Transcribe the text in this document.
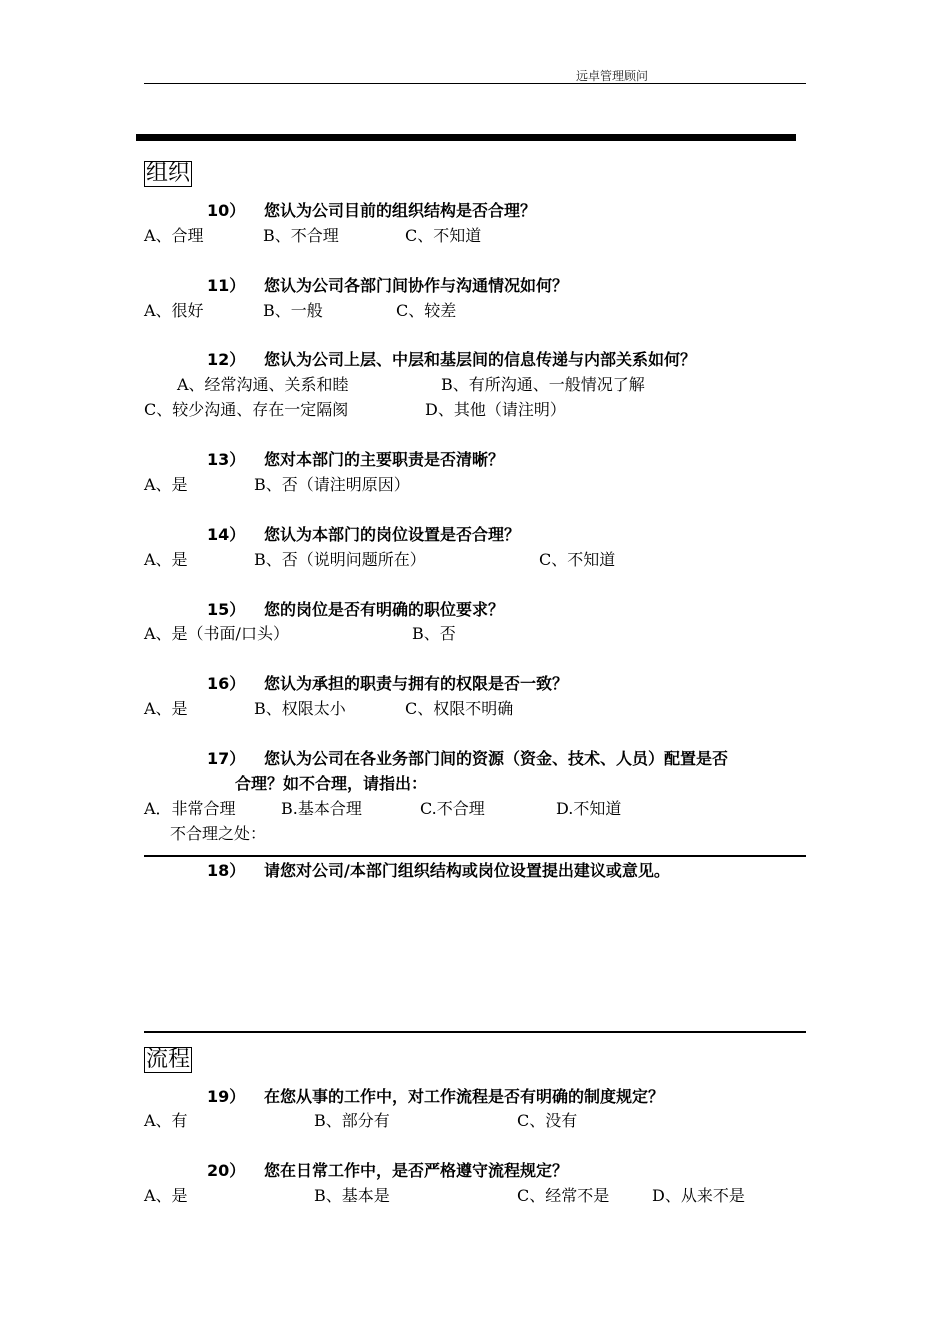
远卓管理顾问
组织
10） 您认为公司目前的组织结构是否合理？
A、合理	B、不合理	C、不知道
11） 您认为公司各部门间协作与沟通情况如何？
A、很好	B、一般	C、较差
12） 您认为公司上层、中层和基层间的信息传递与内部关系如何？
A、经常沟通、关系和睦	B、有所沟通、一般情况了解
C、较少沟通、存在一定隔阂	D、其他（请注明）
13） 您对本部门的主要职责是否清晰？
A、是	B、否（请注明原因）
14） 您认为本部门的岗位设置是否合理？
A、是	B、否（说明问题所在）	C、不知道
15） 您的岗位是否有明确的职位要求？
A、是（书面/口头）	B、否
16） 您认为承担的职责与拥有的权限是否一致？
A、是	B、权限太小	C、权限不明确
17） 您认为公司在各业务部门间的资源（资金、技术、人员）配置是否
合理？如不合理，请指出：
A．非常合理	B.基本合理	C.不合理	D.不知道
不合理之处：
18） 请您对公司/本部门组织结构或岗位设置提出建议或意见。
流程
19） 在您从事的工作中，对工作流程是否有明确的制度规定？
A、有	B、部分有	C、没有
20） 您在日常工作中，是否严格遵守流程规定？
A、是	B、基本是	C、经常不是	D、从来不是
